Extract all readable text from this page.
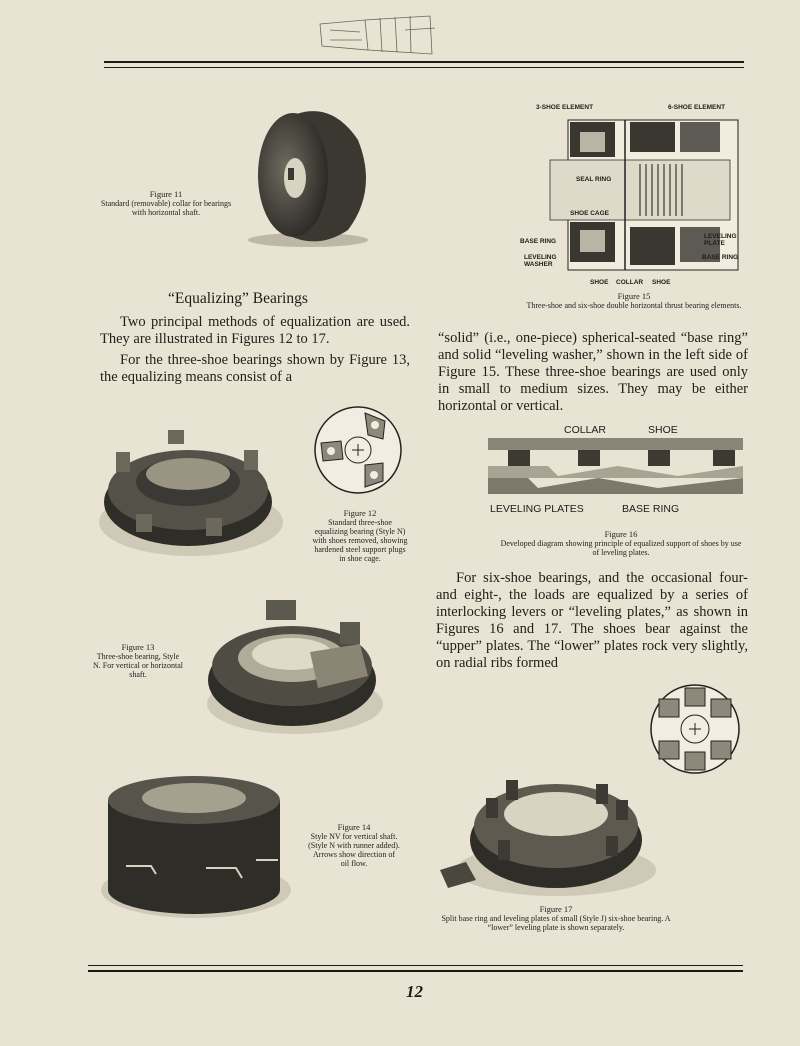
Figure 11
Standard (removable) collar for bearings with horizontal shaft.
3-SHOE ELEMENT	6-SHOE ELEMENT
SEAL RING
SHOE CAGE
BASE RING
LEVELING WASHER
SHOE COLLAR SHOE
LEVELING PLATE
BASE RING
Figure 15
Three-shoe and six-shoe double horizontal thrust bearing elements.
“Equalizing” Bearings

Two principal methods of equalization are used. They are illustrated in Figures 12 to 17.

For the three-shoe bearings shown by Figure 13, the equalizing means consist of a

“solid” (i.e., one-piece) spherical-seated “base ring” and solid “leveling washer,” shown in the left side of Figure 15. These three-shoe bearings are used only in small to medium sizes. They may be either horizontal or vertical.

Figure 12
Standard three-shoe equalizing bearing (Style N) with shoes removed, showing hardened steel support plugs in shoe cage.
COLLAR	SHOE
LEVELING PLATES	BASE RING
Figure 16
Developed diagram showing principle of equalized support of shoes by use of leveling plates.

For six-shoe bearings, and the occasional four- and eight-, the loads are equalized by a series of interlocking levers or “leveling plates,” as shown in Figures 16 and 17. The shoes bear against the “upper” plates. The “lower” plates rock very slightly, on radial ribs formed

Figure 13
Three-shoe bearing, Style N. For vertical or horizontal shaft.
Figure 14
Style NV for vertical shaft. (Style N with runner added). Arrows show direction of oil flow.
Figure 17
Split base ring and leveling plates of small (Style J) six-shoe bearing. A “lower” leveling plate is shown separately.
12
